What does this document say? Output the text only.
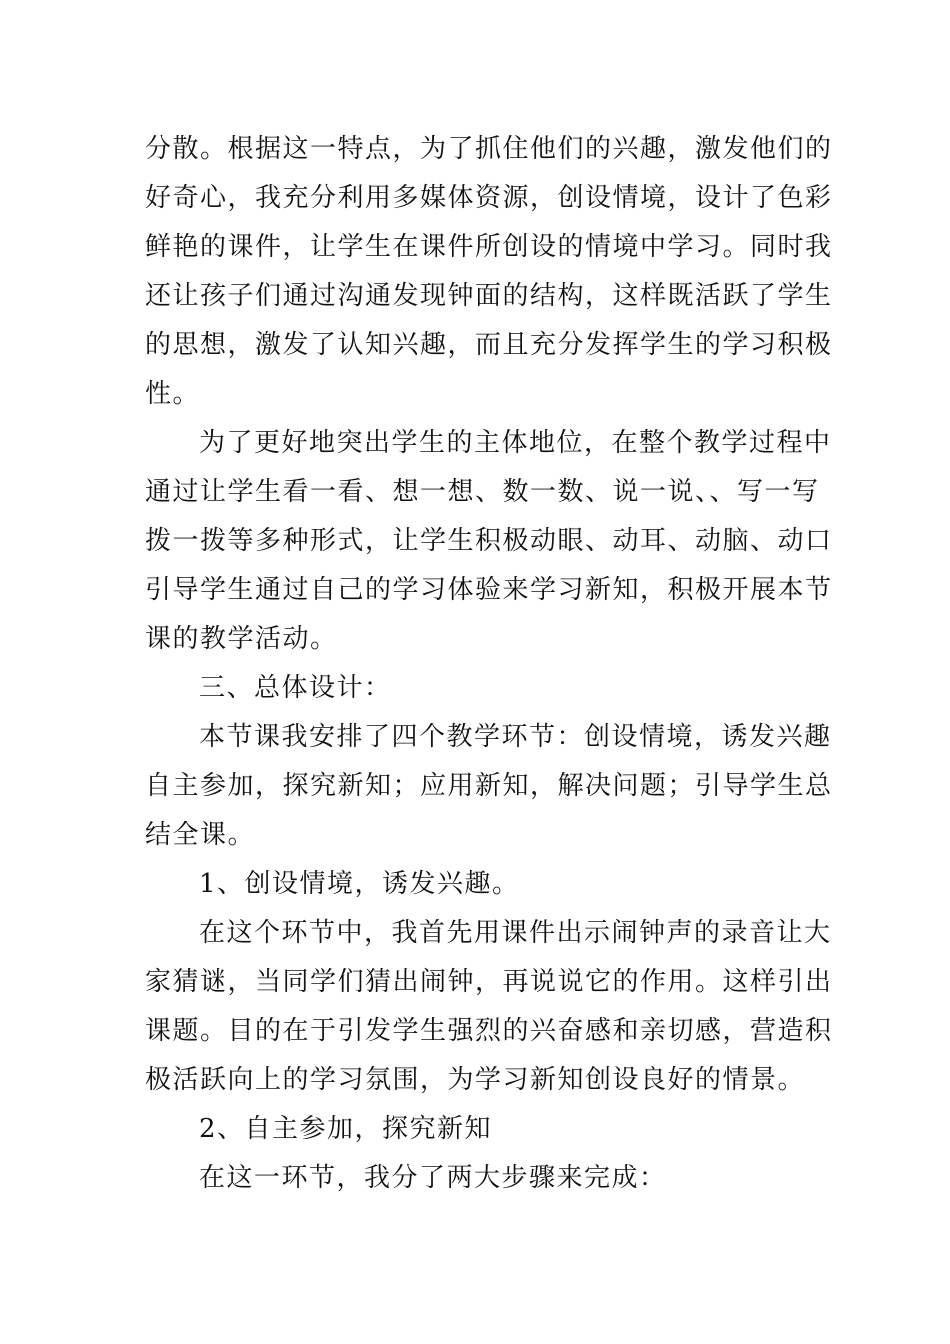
分散。根据这一特点，为了抓住他们的兴趣，激发他们的
好奇心，我充分利用多媒体资源，创设情境，设计了色彩
鲜艳的课件，让学生在课件所创设的情境中学习。同时我
还让孩子们通过沟通发现钟面的结构，这样既活跃了学生
的思想，激发了认知兴趣，而且充分发挥学生的学习积极
性。
为了更好地突出学生的主体地位，在整个教学过程中
通过让学生看一看、想一想、数一数、说一说、、写一写
拨一拨等多种形式，让学生积极动眼、动耳、动脑、动口
引导学生通过自己的学习体验来学习新知，积极开展本节
课的教学活动。
三、总体设计：
本节课我安排了四个教学环节：创设情境，诱发兴趣
自主参加，探究新知；应用新知，解决问题；引导学生总
结全课。
1、创设情境，诱发兴趣。
在这个环节中，我首先用课件出示闹钟声的录音让大
家猜谜，当同学们猜出闹钟，再说说它的作用。这样引出
课题。目的在于引发学生强烈的兴奋感和亲切感，营造积
极活跃向上的学习氛围，为学习新知创设良好的情景。
2、自主参加，探究新知
在这一环节，我分了两大步骤来完成：
